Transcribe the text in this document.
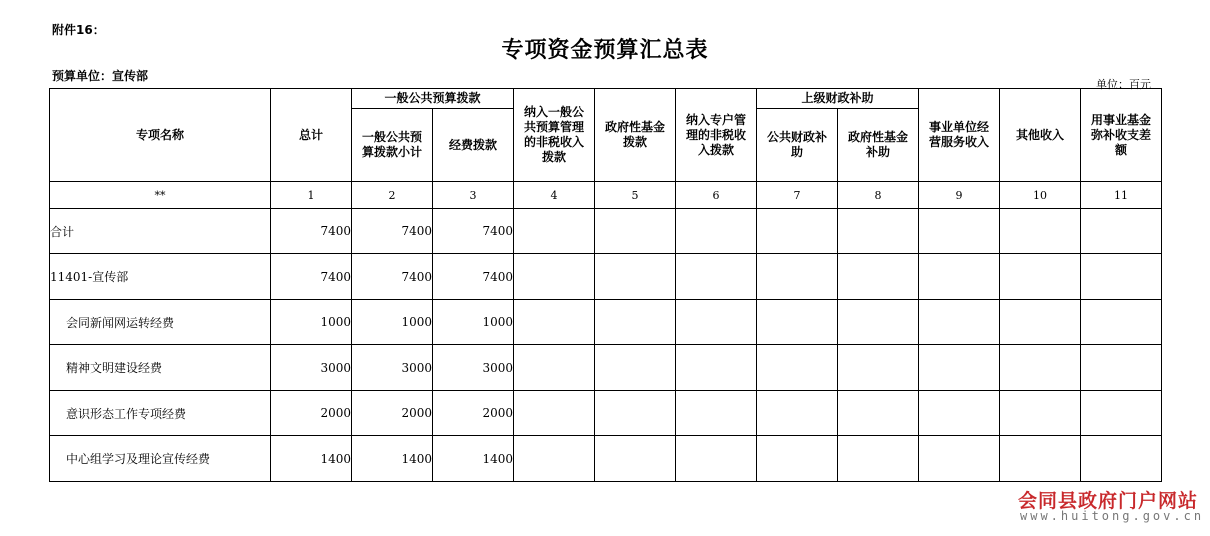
附件16：
专项资金预算汇总表
预算单位：宣传部
单位：百元
专项名称	总计	一般公共预算拨款		纳入一般公共预算管理的非税收入拨款	政府性基金拨款	纳入专户管理的非税收入拨款	上级财政补助		事业单位经营服务收入	其他收入	用事业基金弥补收支差额
		一般公共预算拨款小计	经费拨款				公共财政补助	政府性基金补助			
**	1	2	3	4	5	6	7	8	9	10	11
合计	7400	7400	7400								
11401-宣传部	7400	7400	7400								
会同新闻网运转经费	1000	1000	1000								
精神文明建设经费	3000	3000	3000								
意识形态工作专项经费	2000	2000	2000								
中心组学习及理论宣传经费	1400	1400	1400								
会同县政府门户网站
www.huitong.gov.cn
